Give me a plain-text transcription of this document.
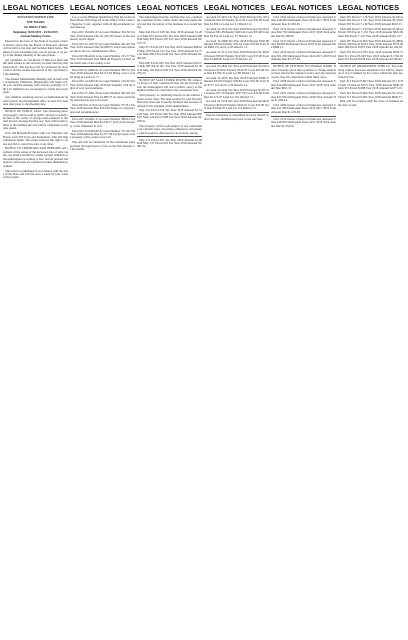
LEGAL NOTICES

ELECTION NOTICE FOR

THE BOARD

OF DIRECTORS

Beginning 10/03/2019 - 03/26/2019

Annual Meeting Notice

Pursuant to the laws of the State of Georgia, notice is hereby given that the Board of Directors election will be held at the date and location listed below. Members in good standing may vote in person or by proxy at the annual meeting of the association.

All candidates for the Board of Directors must submit their names to the secretary no later than the date listed above. The election will be conducted by secret ballot and the results announced at the conclusion of the meeting.

The Annual Membership Meeting will be held at the community clubhouse. Registration will begin at 6:30 p.m. and the meeting will convene promptly at 7:00 p.m. Members are encouraged to attend and participate.

Any member requiring special accommodations should contact the management office at least five business days prior to the meeting date.

NOTICE OF PUBLIC SALE. The following personal property will be sold at public auction to satisfy the lien of the owner of storage units pursuant to the Self Service Storage Facility Act. Sale will be held online at the bidding site and will be completed on the date stated.

Unit 104 Household Items, Unit 211 Furniture and Boxes, Unit 318 Tools and Equipment, Unit 402 Miscellaneous Items. The owner reserves the right to refuse any bid or cancel the sale at any time.

NOTICE TO CREDITORS AND DEBTORS. All creditors of the estate of the deceased, late of said county, are hereby notified to render in their demands to the undersigned according to law, and all persons indebted to said estate are required to make immediate payment.

This notice is published in accordance with the laws of the State and will run once a week for four consecutive weeks.

LEGAL NOTICES

Lot 4 on the Hillside Subdivision Plat Recorded in Deed Book 1022 Page 18 in the Office of the Clerk of Superior Court, together with all improvements located thereon.

Parcel ID 18-0201-07 Account Number 334-56 Tax Year 2018 Amount Due $1,432.18 Owner of Record shown on the digest.

Parcel ID 22-1187-03 Account Number 441-09 Tax Year 2018 Amount Due $2,908.55 Legal description on file in the tax commissioner office.

Parcel ID 09-4410-12 Account Number 215-77 Tax Year 2018 Amount Due $866.40 Property located on the north side of the county road.

Parcel ID 31-0099-01 Account Number 508-12 Tax Year 2018 Amount Due $3,115.02 Being a tract of land lying in Land Lot 77.

Parcel ID 14-2205-06 Account Number 119-30 Tax Year 2018 Amount Due $745.66 Together with all rights of way and easements.

Parcel ID 27-3301-09 Account Number 602-48 Tax Year 2018 Amount Due $1,980.73 As more particularly described in deed of record.

Parcel ID 05-1176-02 Account Number 377-81 Tax Year 2018 Amount Due $512.90 Subject to all prior liens and encumbrances.

Parcel ID 19-6602-11 Account Number 288-04 Tax Year 2018 Amount Due $2,344.17 Sold as the property of the defendant in fi fa.

Parcel ID 33-0450-08 Account Number 731-66 Tax Year 2018 Amount Due $1,077.39 Levied upon as the property of the owner of record.

The sale will be conducted on the courthouse steps between the legal hours of sale on the first Tuesday of the month.

LEGAL NOTICES

The undersigned hereby certifies that it is conducting a business in the county under the trade name shown and that the nature of the business is as stated herein.

Map 042 Parcel 018 Tax Year 2018 Amount $1,204.11 Map 051 Parcel 022 Tax Year 2018 Amount $988.40 Map 063 Parcel 107 Tax Year 2018 Amount $2,515.75.

Map 071 Parcel 033 Tax Year 2018 Amount $640.08 Map 078 Parcel 012 Tax Year 2018 Amount $1,771.92 Map 084 Parcel 046 Tax Year 2018 Amount $3,002.60.

Map 090 Parcel 005 Tax Year 2018 Amount $412.55 Map 095 Parcel 061 Tax Year 2018 Amount $1,389.14 Map 102 Parcel 029 Tax Year 2018 Amount $2,076.33.

NOTICE OF SALE UNDER POWER. By virtue of a Power of Sale contained in that certain Security Deed, the undersigned will sell at public outcry to the highest bidder for cash before the courthouse door.

Said property is commonly known as the address shown on the deed. The debt secured by said Security Deed has been and is hereby declared due because of default in the payment of the indebtedness.

Map 110 Parcel 014 Tax Year 2018 Amount $1,512.20 Map 118 Parcel 040 Tax Year 2018 Amount $859.67 Map 124 Parcel 008 Tax Year 2018 Amount $2,230.91.

The property will be sold subject to any outstanding ad valorem taxes, all zoning ordinances, and matters which would be disclosed by an accurate survey.

Map 131 Parcel 055 Tax Year 2018 Amount $1,066.48 Map 137 Parcel 019 Tax Year 2018 Amount $3,381.02.

LEGAL NOTICES

Account 10-4452 Tax Year 2018 Principal $1,118.22 Interest $44.10 Penalty $111.82 Costs $35.00 Total Due $1,309.14 Land Lot 41 District 12.

Account 10-4513 Tax Year 2018 Principal $2,034.57 Interest $81.38 Penalty $203.46 Costs $35.00 Total Due $2,354.41 Land Lot 57 District 12.

Account 10-4608 Tax Year 2018 Principal $765.90 Interest $30.64 Penalty $76.59 Costs $35.00 Total Due $908.13 Land Lot 63 District 13.

Account 10-4711 Tax Year 2018 Principal $1,450.00 Interest $58.00 Penalty $145.00 Costs $35.00 Total Due $1,688.00 Land Lot 70 District 13.

Account 10-4820 Tax Year 2018 Principal $3,220.48 Interest $128.82 Penalty $322.05 Costs $35.00 Total Due $3,706.35 Land Lot 88 District 14.

Account 10-4935 Tax Year 2018 Principal $598.37 Interest $23.93 Penalty $59.84 Costs $35.00 Total Due $717.14 Land Lot 92 District 14.

Account 10-5042 Tax Year 2018 Principal $1,877.61 Interest $75.10 Penalty $187.76 Costs $35.00 Total Due $2,175.47 Land Lot 101 District 15.

Account 10-5150 Tax Year 2018 Principal $2,640.09 Interest $105.60 Penalty $264.01 Costs $35.00 Total Due $3,044.70 Land Lot 114 District 15.

Persons interested in redeeming property should contact the tax commissioner prior to the sale date.

LEGAL NOTICES

Tract 2204 Owner of Record Unknown Assessed Value $18,400 Delinquent Years 2016 2017 2018 Total Amount Due $1,982.65.

Tract 2219 Owner of Record Unknown Assessed Value $22,750 Delinquent Years 2017 2018 Total Amount Due $1,406.30.

Tract 2237 Owner of Record Unknown Assessed Value $9,900 Delinquent Years 2018 Total Amount Due $488.12.

Tract 2250 Owner of Record Unknown Assessed Value $31,200 Delinquent Years 2016 2017 2018 Total Amount Due $3,177.84.

NOTICE OF PETITION TO CHANGE NAME. Notice is hereby given that a petition to change name has been filed in the Superior Court, and any interested party may file objections within thirty days.

Tract 2268 Owner of Record Unknown Assessed Value $14,600 Delinquent Years 2017 2018 Total Amount Due $921.57.

Tract 2281 Owner of Record Unknown Assessed Value $27,050 Delinquent Years 2018 Total Amount Due $1,290.44.

Tract 2299 Owner of Record Unknown Assessed Value $11,300 Delinquent Years 2016 2017 2018 Total Amount Due $1,218.09.

Tract 2310 Owner of Record Unknown Assessed Value $19,850 Delinquent Years 2017 2018 Total Amount Due $1,254.76.

LEGAL NOTICES

Item 301 Parcel 7-118 Year 2018 Amount $1,045.20 Item 302 Parcel 7-121 Year 2018 Amount $2,318.66 Item 303 Parcel 7-130 Year 2018 Amount $667.15.

Item 304 Parcel 7-142 Year 2018 Amount $1,903.48 Item 305 Parcel 7-155 Year 2018 Amount $822.09 Item 306 Parcel 7-161 Year 2018 Amount $3,011.37.

Item 307 Parcel 8-004 Year 2018 Amount $1,488.90 Item 308 Parcel 8-019 Year 2018 Amount $570.26 Item 309 Parcel 8-027 Year 2018 Amount $2,144.58.

Item 310 Parcel 8-035 Year 2018 Amount $936.71 Item 311 Parcel 8-048 Year 2018 Amount $1,762.03 Item 312 Parcel 8-056 Year 2018 Amount $2,590.44.

NOTICE OF ABANDONED VEHICLE. The following vehicle has been abandoned and will be disposed of if not claimed by the owner within the time provided by law.

Item 313 Parcel 8-063 Year 2018 Amount $1,127.82 Item 314 Parcel 8-071 Year 2018 Amount $699.35 Item 315 Parcel 8-088 Year 2018 Amount $2,871.19.

Item 316 Parcel 8-094 Year 2018 Amount $1,315.60 Item 317 Parcel 9-002 Year 2018 Amount $804.77.

Bids will be accepted until the close of business on the date of sale.
